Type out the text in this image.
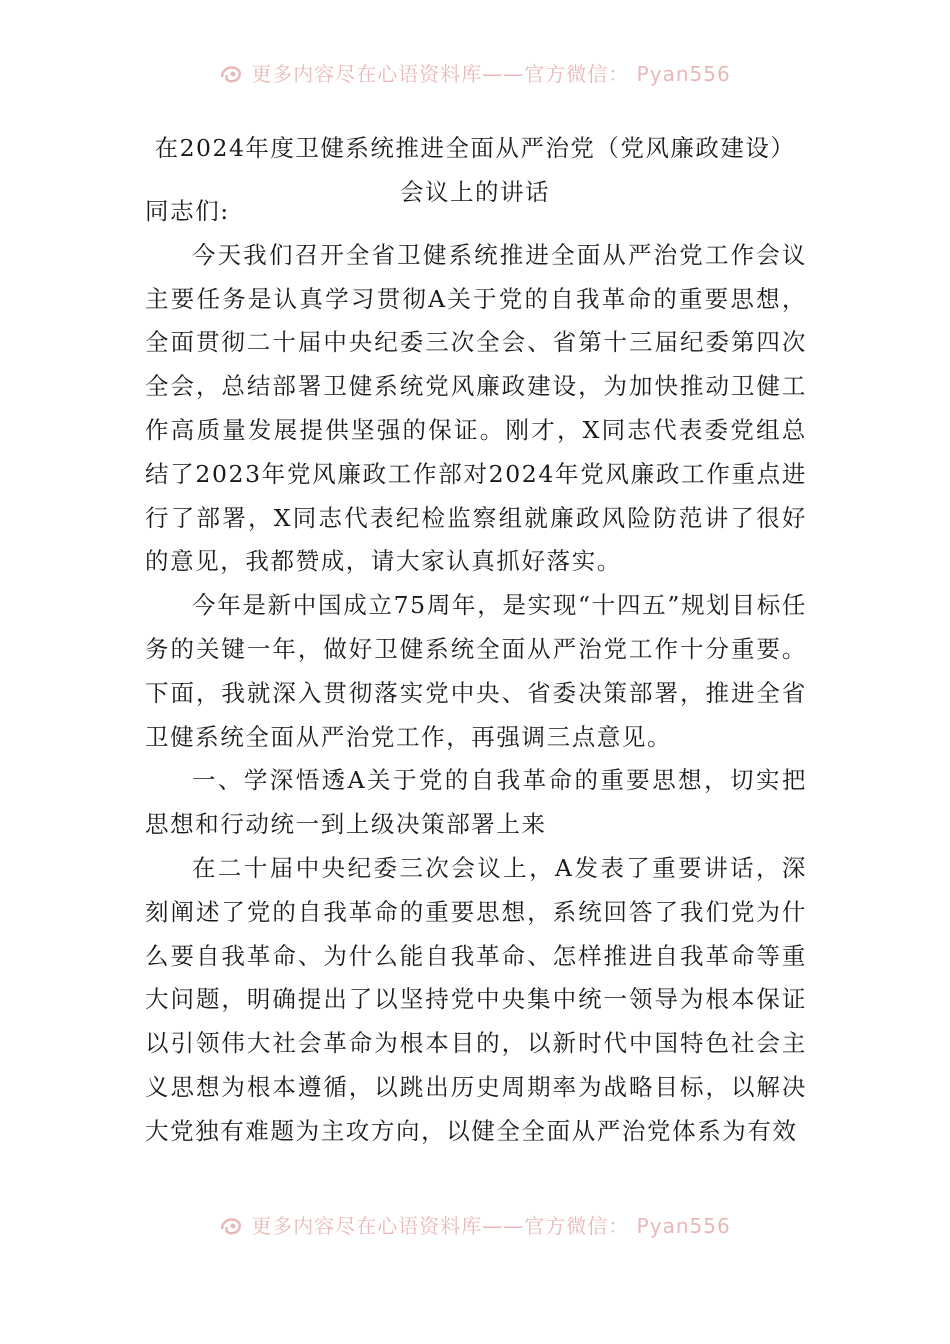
更多内容尽在心语资料库——官方微信： Pyan556
在2024年度卫健系统推进全面从严治党（党风廉政建设）
会议上的讲话

同志们:

今天我们召开全省卫健系统推进全面从严治党工作会议主要任务是认真学习贯彻A关于党的自我革命的重要思想，全面贯彻二十届中央纪委三次全会、省第十三届纪委第四次全会，总结部署卫健系统党风廉政建设，为加快推动卫健工作高质量发展提供坚强的保证。刚才，X同志代表委党组总结了2023年党风廉政工作部对2024年党风廉政工作重点进行了部署，X同志代表纪检监察组就廉政风险防范讲了很好的意见，我都赞成，请大家认真抓好落实。

今年是新中国成立75周年，是实现“十四五”规划目标任务的关键一年，做好卫健系统全面从严治党工作十分重要。下面，我就深入贯彻落实党中央、省委决策部署，推进全省卫健系统全面从严治党工作，再强调三点意见。

一、学深悟透A关于党的自我革命的重要思想，切实把思想和行动统一到上级决策部署上来

在二十届中央纪委三次会议上，A发表了重要讲话，深刻阐述了党的自我革命的重要思想，系统回答了我们党为什么要自我革命、为什么能自我革命、怎样推进自我革命等重大问题，明确提出了以坚持党中央集中统一领导为根本保证以引领伟大社会革命为根本目的，以新时代中国特色社会主义思想为根本遵循，以跳出历史周期率为战略目标，以解决大党独有难题为主攻方向，以健全全面从严治党体系为有效

更多内容尽在心语资料库——官方微信： Pyan556
